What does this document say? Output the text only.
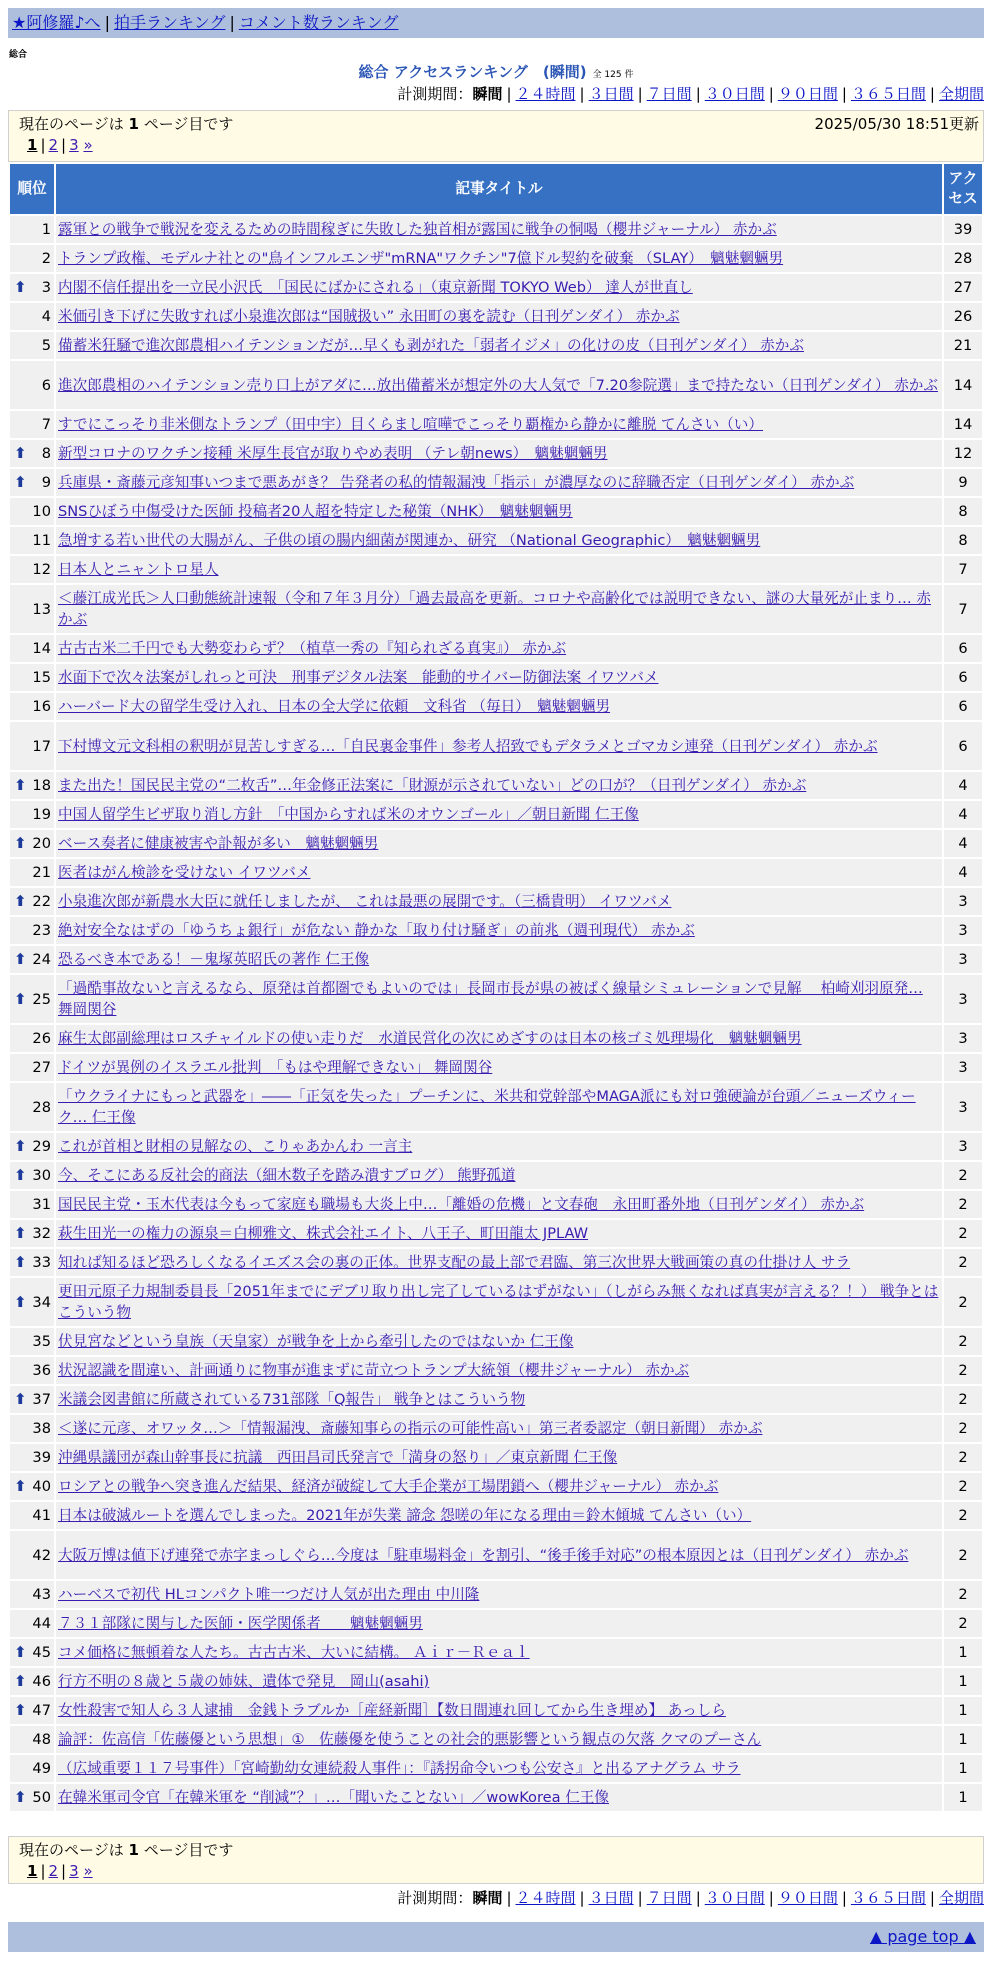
★阿修羅♪へ | 拍手ランキング | コメント数ランキング
総合
総合 アクセスランキング　(瞬間) 全 125 件
計測期間：瞬間 | ２４時間 | ３日間 | ７日間 | ３０日間 | ９０日間 | ３６５日間 | 全期間
現在のページは 1 ページ目です	2025/05/30 18:51更新
1 | 2 | 3 »
順位	記事タイトル	アクセス
1	露軍との戦争で戦況を変えるための時間稼ぎに失敗した独首相が露国に戦争の恫喝（櫻井ジャーナル） 赤かぶ	39
2	トランプ政権、モデルナ社との"鳥インフルエンザ"mRNA"ワクチン"7億ドル契約を破棄 （SLAY）　魑魅魍魎男	28

⬆ 3	内閣不信任提出を一立民小沢氏　「国民にばかにされる」（東京新聞 TOKYO Web） 達人が世直し	27
4	米価引き下げに失敗すれば小泉進次郎は“国賊扱い” 永田町の裏を読む（日刊ゲンダイ） 赤かぶ	26
5	備蓄米狂騒で進次郎農相ハイテンションだが…早くも剥がれた「弱者イジメ」の化けの皮（日刊ゲンダイ） 赤かぶ	21
6	進次郎農相のハイテンション売り口上がアダに…放出備蓄米が想定外の大人気で「7.20参院選」まで持たない（日刊ゲンダイ） 赤かぶ	14
7	すでにこっそり非米側なトランプ（田中宇）目くらまし喧嘩でこっそり覇権から静かに離脱 てんさい（い）	14

⬆ 8	新型コロナのワクチン接種 米厚生長官が取りやめ表明 （テレ朝news）　魑魅魍魎男	12

⬆ 9	兵庫県・斎藤元彦知事いつまで悪あがき？ 告発者の私的情報漏洩「指示」が濃厚なのに辞職否定（日刊ゲンダイ） 赤かぶ	9
10	SNSひぼう中傷受けた医師 投稿者20人超を特定した秘策（NHK）　魑魅魍魎男	8
11	急増する若い世代の大腸がん、子供の頃の腸内細菌が関連か、研究 （National Geographic）　魑魅魍魎男	8
12	日本人とニャントロ星人	7
13	＜藤江成光氏＞人口動態統計速報（令和７年３月分）「過去最高を更新。コロナや高齢化では説明できない、謎の大量死が止まり… 赤かぶ	7
14	古古古米二千円でも大勢変わらず？（植草一秀の『知られざる真実』） 赤かぶ	6
15	水面下で次々法案がしれっと可決　刑事デジタル法案　能動的サイバー防御法案 イワツバメ	6
16	ハーバード大の留学生受け入れ、日本の全大学に依頼　文科省 （毎日）　魑魅魍魎男	6
17	下村博文元文科相の釈明が見苦しすぎる…「自民裏金事件」参考人招致でもデタラメとゴマカシ連発（日刊ゲンダイ） 赤かぶ	6

⬆ 18	また出た！国民民主党の“二枚舌”…年金修正法案に「財源が示されていない」どの口が？（日刊ゲンダイ） 赤かぶ	4
19	中国人留学生ビザ取り消し方針　「中国からすれば米のオウンゴール」／朝日新聞 仁王像	4

⬆ 20	ベース奏者に健康被害や訃報が多い　魑魅魍魎男	4
21	医者はがん検診を受けない イワツバメ	4

⬆ 22	小泉進次郎が新農水大臣に就任しましたが、 これは最悪の展開です。（三橋貴明） イワツバメ	3
23	絶対安全なはずの「ゆうちょ銀行」が危ない 静かな「取り付け騒ぎ」の前兆（週刊現代） 赤かぶ	3

⬆ 24	恐るべき本である！－鬼塚英昭氏の著作 仁王像	3

⬆ 25	「過酷事故ないと言えるなら、原発は首都圏でもよいのでは」長岡市長が県の被ばく線量シミュレーションで見解　 柏崎刈羽原発… 舞岡関谷	3
26	麻生太郎副総理はロスチャイルドの使い走りだ　水道民営化の次にめざすのは日本の核ゴミ処理場化　魑魅魍魎男	3
27	ドイツが異例のイスラエル批判　「もはや理解できない」 舞岡関谷	3
28	「ウクライナにもっと武器を」――「正気を失った」プーチンに、米共和党幹部やMAGA派にも対ロ強硬論が台頭／ニューズウィーク… 仁王像	3

⬆ 29	これが首相と財相の見解なの、こりゃあかんわ 一言主	3

⬆ 30	今、そこにある反社会的商法（細木数子を踏み潰すブログ） 熊野孤道	2
31	国民民主党・玉木代表は今もって家庭も職場も大炎上中…「離婚の危機」と文春砲　永田町番外地（日刊ゲンダイ） 赤かぶ	2

⬆ 32	萩生田光一の権力の源泉＝白柳雅文、株式会社エイト、八王子、町田龍太 JPLAW	2

⬆ 33	知れば知るほど恐ろしくなるイエズス会の裏の正体。世界支配の最上部で君臨、第三次世界大戦画策の真の仕掛け人 サラ	2

⬆ 34	更田元原子力規制委員長「2051年までにデブリ取り出し完了しているはずがない」（しがらみ無くなれば真実が言える？！） 戦争とはこういう物	2
35	伏見宮などという皇族（天皇家）が戦争を上から牽引したのではないか 仁王像	2
36	状況認識を間違い、計画通りに物事が進まずに苛立つトランプ大統領（櫻井ジャーナル） 赤かぶ	2

⬆ 37	米議会図書館に所蔵されている731部隊「Q報告」 戦争とはこういう物	2
38	＜遂に元彦、オワッタ…＞「情報漏洩、斎藤知事らの指示の可能性高い」第三者委認定（朝日新聞） 赤かぶ	2
39	沖縄県議団が森山幹事長に抗議　西田昌司氏発言で「満身の怒り」／東京新聞 仁王像	2

⬆ 40	ロシアとの戦争へ突き進んだ結果、経済が破綻して大手企業が工場閉鎖へ（櫻井ジャーナル） 赤かぶ	2
41	日本は破滅ルートを選んでしまった。2021年が失業 諦念 怨嗟の年になる理由＝鈴木傾城 てんさい（い）	2
42	大阪万博は値下げ連発で赤字まっしぐら…今度は「駐車場料金」を割引、“後手後手対応”の根本原因とは（日刊ゲンダイ） 赤かぶ	2
43	ハーベスで初代 HLコンパクト唯一つだけ人気が出た理由 中川隆	2
44	７３１部隊に関与した医師・医学関係者　　魑魅魍魎男	2

⬆ 45	コメ価格に無頓着な人たち。古古古米、大いに結構。 Ａｉｒ－Ｒｅａｌ	1

⬆ 46	行方不明の８歳と５歳の姉妹、遺体で発見　岡山(asahi)	1

⬆ 47	女性殺害で知人ら３人逮捕　金銭トラブルか［産経新聞］【数日間連れ回してから生き埋め】 あっしら	1
48	論評：佐高信「佐藤優という思想」①　佐藤優を使うことの社会的悪影響という観点の欠落 クマのプーさん	1
49	（広域重要１１７号事件）「宮崎勤幼女連続殺人事件」：『誘拐命令いつも公安さ』と出るアナグラム サラ	1

⬆ 50	在韓米軍司令官「在韓米軍を “削減”？」…「聞いたことない」／wowKorea 仁王像	1
現在のページは 1 ページ目です
1 | 2 | 3 »
計測期間：瞬間 | ２４時間 | ３日間 | ７日間 | ３０日間 | ９０日間 | ３６５日間 | 全期間
▲ page top ▲
